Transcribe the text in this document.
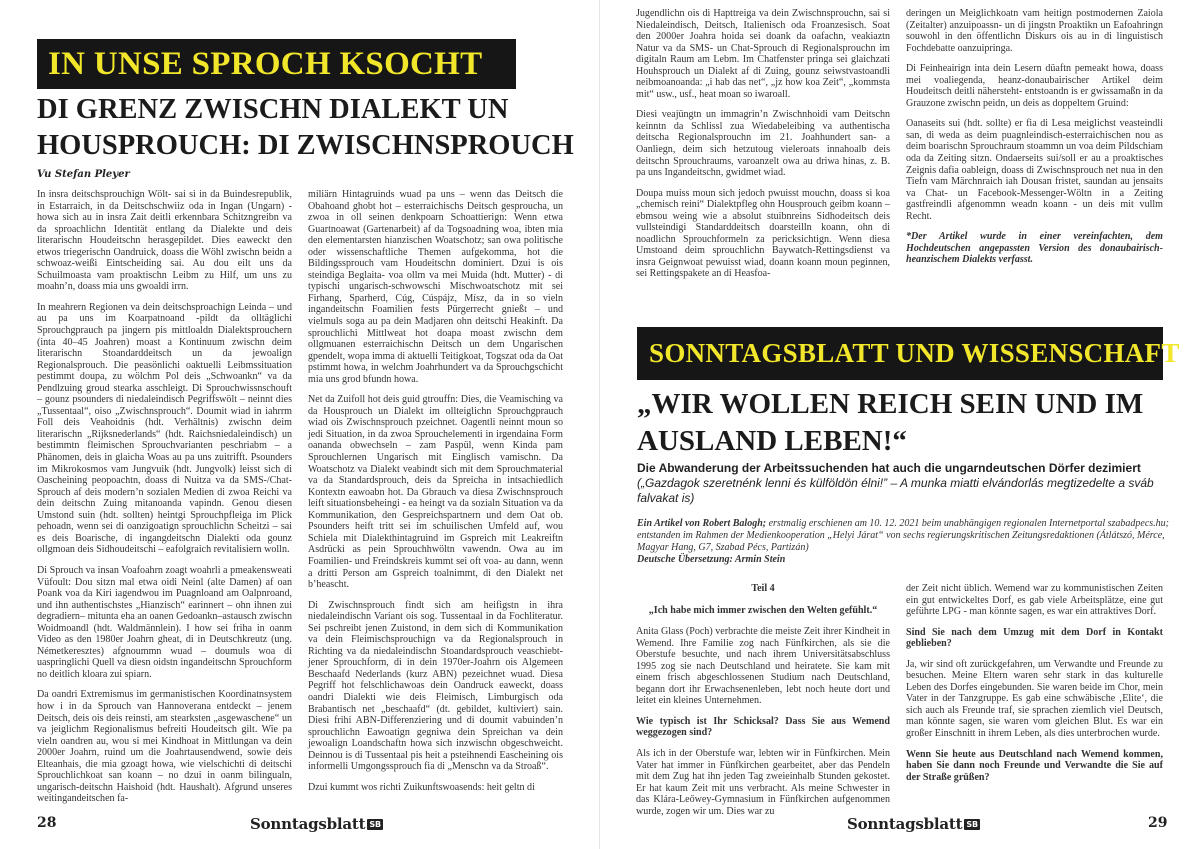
IN UNSE SPROCH KSOCHT
DI GRENZ ZWISCHN DIALEKT UN HOUSPROUCH: DI ZWISCHNSPROUCH
Vu Stefan Pleyer

In insra deitschsprouchign Wölt- sai si in da Buindesrepublik, in Estarraich, in da Deitschschwiiz oda in Ingan (Ungarn) - howa sich au in insra Zait deitli erkennbara Schitzngreibn va da sproachlichn Identität entlang da Dialekte und deis literarischn Houdeitschn herasgepildet. Dies eaweckt den etwos triegerischn Oandruick, doass die Wöhl zwischn beidn a schwoaz-weißi Eintscheiding sai. Au dou eilt uns da Schuilmoasta vam proaktischn Leibm zu Hilf, um uns zu moahn’n, doass mia uns gwoaldi irrn.

In meahrern Regionen va dein deitschsproachign Leinda – und au pa uns im Koarpatnoand -pildt da olltäglichi Sprouchgprauch pa jingern pis mittloaldn Dialektsprouchern (inta 40–45 Joahren) moast a Kontinuum zwischn deim literarischn Stoandarddeitsch un da jewoalign Regionalsprouch. Die peasönlichi oaktuelli Leibmssituation pestimmt doupa, zu wölchm Pol deis „Schwoankn“ va da Pendlzuing groud stearka asschleigt. Di Sprouchwissnschouft – gounz psounders di niedaleindisch Pegriffswölt – neinnt dies „Tussentaal“, oiso „Zwischnsprouch“. Doumit wiad in iahrrm Foll deis Veahoidnis (hdt. Verhältnis) zwischn deim literarischn „Rijksnederlands“ (hdt. Raichsniedaleindisch) un bestimmtn fleimischen Sprouchvarianten peschriabm – a Phänomen, deis in glaicha Woas au pa uns zuitrifft. Psounders im Mikrokosmos vam Jungvuik (hdt. Jungvolk) leisst sich di Oascheining peopoachtn, doass di Nuitza va da SMS-/Chat-Sprouch af deis modern’n sozialen Medien di zwoa Reichi va dein deitschn Zuing mitanoanda vapindn. Genou diesen Umstond suin (hdt. sollten) heintgi Sprouchpfleiga im Plick pehoadn, wenn sei di oanzigoatign sprouchlichn Scheitzi – sai es deis Boarische, di ingangdeitschn Dialekti oda gounz ollgmoan deis Sidhoudeitschi – eafolgraich revitalisiern wolln.

Di Sprouch va insan Voafoahrn zoagt woahrli a pmeakensweati Vüfoult: Dou sitzn mal etwa oidi Neinl (alte Damen) af oan Poank voa da Kiri iagendwou im Puagnloand am Oalpnroand, und ihn authentischstes „Hianzisch“ earinnert – ohn ihnen zui degradiern– mitunta eha an oanen Gedoankn–astausch zwischn Woidmoandl (hdt. Waldmännlein). I how sei friha in oanm Video as den 1980er Joahrn gheat, di in Deutschkreutz (ung. Németkeresztes) afgnoummn wuad – doumuls woa di uaspringlichi Quell va diesn oidstn ingandeitschn Sprouchform no deitlich kloara zui spiarn.

Da oandri Extremismus im germanistischen Koordinatnsystem how i in da Sprouch van Hannoverana entdeckt – jenem Deitsch, deis ois deis reinsti, am stearksten „asgewaschene“ un va jeiglichm Regionalismus befreiti Houdeitsch gilt. Wie pa vieln oandren au, wou si mei Kindhoat in Mittlungan va dein 2000er Joahrn, ruind um die Joahrtausendwend, sowie deis Elteanhais, die mia gzoagt howa, wie vielschichti di deitschi Sprouchlichkoat san koann – no dzui in oanm bilingualn, ungarisch-deitschn Haishoid (hdt. Haushalt). Afgrund unseres weitingandeitschen fa-

miliärn Hintagruinds wuad pa uns – wenn das Deitsch die Obahoand ghobt hot – esterraichischs Deitsch gesproucha, un zwoa in oll seinen denkpoarn Schoattierign: Wenn etwa Guartnoawat (Gartenarbeit) af da Togsoadning woa, ibten mia den elementarsten hianzischen Woatschotz; san owa politische oder wissenschaftliche Themen aufgekommа, hot die Bildingssprouch vam Houdeitschn dominiert. Dzui is ois steindiga Beglaita- voa ollm va mei Muida (hdt. Mutter) - di typischi ungarisch-schwowschi Mischwoatschotz mit sei Firhang, Sparherd, Cúg, Cúspájz, Mísz, da in so vieln ingandeitschn Foamilien fests Pürgerrecht gnießt – und vielmuls soga au pa dein Madjaren ohn deitschi Heakinft. Da sprouchlichi Mittlweat hot doapa moast zwischn dem ollgmuanen esterraichischn Deitsch un dem Ungarischen gpendelt, wopa imma di aktuelli Teitigkoat, Togszat oda da Oat pstimmt howa, in welchm Joahrhundert va da Sprouchgschicht mia uns grod bfundn howa.

Net da Zuifoll hot deis guid gtrouffn: Dies, die Veamisching va da Housprouch un Dialekt im ollteiglichn Sprouchgprauch wiad ois Zwischnsprouch pzeichnet. Oagentli neinnt moun so jedi Situation, in da zwoa Sprouchelementi in irgendaina Form oananda obwechseln – zam Paspül, wenn Kinda pam Sprouchlernen Ungarisch mit Einglisch vamischn. Da Woatschotz va Dialekt veabindt sich mit dem Sprouchmaterial va da Standardsprouch, deis da Spreicha in intsachiedlich Kontextn eawoabn hot. Da Gbrauch va diesa Zwischnsprouch leift situationsbeheingi - ea heingt va da sozialn Situation va da Kommunikation, den Gespreichspartnern und dem Oat ob. Psounders heift tritt sei im schuilischen Umfeld auf, wou Schiela mit Dialekthintagruind im Gspreich mit Leakreiftn Asdrücki as pein Sprouchhwöltn vawendn. Owa au im Foamilien- und Freindskreis kummt sei oft voa- au dann, wenn a dritti Person am Gspreich toalnimmt, di den Dialekt net b’heascht.

Di Zwischnsprouch findt sich am heifigstn in ihra niedaleindischn Variant ois sog. Tussentaal in da Fochliteratur. Sei pschreibt jenen Zuistond, in dem sich di Kommunikation va dein Fleimischsprouchign va da Regionalsprouch in Richting va da niedaleindischn Stoandardsprouch veaschiebt- jener Sprouchform, di in dein 1970er-Joahrn ois Algemeen Beschaafd Nederlands (kurz ABN) pezeichnet wuad. Diesa Pegriff hot felschlichawoas dein Oandruck eaweckt, doass oandri Dialekti wie deis Fleimisch, Limburgisch oda Brabantisch net „beschaafd“ (dt. gebildet, kultiviert) sain. Diesi frihi ABN-Differenziering und di doumit vabuinden’n sprouchlichn Eawoatign gegniwa dein Spreichan va dein jewoalign Loandschaftn howa sich inzwischn obgeschweicht. Deinnou is di Tussentaal pis heit a psteihnendi Eascheining ois informelli Umgongssprouch fia di „Menschn va da Stroaß“.

Dzui kummt wos richti Zuikunftswoasends: heit geltn di

28	Sonntagsblatt SB

Jugendlichn ois di Hapttreiga va dein Zwischnsprouchn, sai si Niedaleindisch, Deitsch, Italienisch oda Froanzesisch. Soat den 2000er Joahra hoida sei doank da oafachn, veakiaztn Natur va da SMS- un Chat-Sprouch di Regionalsprouchn im digitaln Raum am Lebm. Im Chatfenster pringa sei glaichzati Houhsprouch un Dialekt af di Zuing, gounz seiwstvastoandli neibmoanoanda: „i hab das net“, „jz how koa Zeit“, „kommsta mit“ usw., usf., heat moan so iwaroall.

Diesi veajüngtn un immagrin’n Zwischnhoidi vam Deitschn keinntn da Schlissl zua Wiedabeleibing va authentischa deitscha Regionalsprouchn im 21. Joahhundert san- a Oanliegn, deim sich hetzutoug vieleroats innahoalb deis deitschn Sprouchraums, varoanzelt owa au driwa hinas, z. B. pa uns Ingandeitschn, gwidmet wiad.

Doupa muiss moun sich jedoch pwuisst mouchn, doass si koa „chemisch reini“ Dialektpfleg ohn Housprouch geibm koann – ebmsou weing wie a absolut stuibnreins Sidhodeitsch deis vullsteindigi Standarddeitsch doarsteilln koann, ohn di noadlichn Sprouchformeln za pericksichtign. Wenn diesa Umstoand deim sprouchlichn Baywatch-Rettingsdienst va insra Geignwoat pewuisst wiad, doann koann moun peginnen, sei Rettingspakete an di Heasfoa-

deringen un Meiglichkoatn vam heitign postmodernen Zaiola (Zeitalter) anzuipoassn- un di jingstn Proaktikn un Eafoahringn souwohl in den öffentlichn Diskurs ois au in di linguistisch Fochdebatte oanzuipringa.

Di Feinheairign inta dein Lesern düaftn pemeakt howa, doass mei voaliegenda, heanz-donaubairischer Artikel deim Houdeitsch deitli nähersteht- entstoandn is er gwissamaßn in da Grauzone zwischn peidn, un deis as doppeltem Gruind:

Oanaseits sui (hdt. sollte) er fia di Lesa meiglichst veasteindli san, di weda as deim puagnleindisch-esterraichischen nou as deim boarischn Sprouchraum stoammn un voa deim Pildschiam oda da Zeiting sitzn. Ondaerseits sui/soll er au a proaktisches Zeignis dafia oableign, doass di Zwischnsprouch net nua in den Tiefn vam Märchnraich iah Dousan fristet, saundan au jensaits va Chat- un Facebook-Messenger-Wöltn in a Zeiting gastfreindli afgenommn weadn koann - un deis mit vullm Recht.

*Der Artikel wurde in einer vereinfachten, dem Hochdeutschen angepassten Version des donaubairisch-heanzischem Dialekts verfasst.

SONNTAGSBLATT UND WISSENSCHAFT
„WIR WOLLEN REICH SEIN UND IM AUSLAND LEBEN!“
Die Abwanderung der Arbeitssuchenden hat auch die ungarndeutschen Dörfer dezimiert
(„Gazdagok szeretnénk lenni és külföldön élni!” – A munka miatti elvándorlás megtizedelte a sváb falvakat is)
Ein Artikel von Robert Balogh; erstmalig erschienen am 10. 12. 2021 beim unabhängigen regionalen Internetportal szabadpecs.hu; entstanden im Rahmen der Medienkooperation „Helyi Járat“ von sechs regierungskritischen Zeitungsredaktionen (Átlátszó, Mérce, Magyar Hang, G7, Szabad Pécs, Partizán)
Deutsche Übersetzung: Armin Stein

Teil 4

„Ich habe mich immer zwischen den Welten gefühlt.“

Anita Glass (Poch) verbrachte die meiste Zeit ihrer Kindheit in Wemend. Ihre Familie zog nach Fünfkirchen, als sie die Oberstufe besuchte, und nach ihrem Universitätsabschluss 1995 zog sie nach Deutschland und heiratete. Sie kam mit einem frisch abgeschlossenen Studium nach Deutschland, begann dort ihr Erwachsenenleben, lebt noch heute dort und leitet ein kleines Unternehmen.

Wie typisch ist Ihr Schicksal? Dass Sie aus Wemend weggezogen sind?

Als ich in der Oberstufe war, lebten wir in Fünfkirchen. Mein Vater hat immer in Fünfkirchen gearbeitet, aber das Pendeln mit dem Zug hat ihn jeden Tag zweieinhalb Stunden gekostet. Er hat kaum Zeit mit uns verbracht. Als meine Schwester in das Klára-Leőwey-Gymnasium in Fünfkirchen aufgenommen wurde, zogen wir um. Dies war zu

der Zeit nicht üblich. Wemend war zu kommunistischen Zeiten ein gut entwickeltes Dorf, es gab viele Arbeitsplätze, eine gut geführte LPG - man könnte sagen, es war ein attraktives Dorf.

Sind Sie nach dem Umzug mit dem Dorf in Kontakt geblieben?

Ja, wir sind oft zurückgefahren, um Verwandte und Freunde zu besuchen. Meine Eltern waren sehr stark in das kulturelle Leben des Dorfes eingebunden. Sie waren beide im Chor, mein Vater in der Tanzgruppe. Es gab eine schwäbische ‚Elite‘, die sich auch als Freunde traf, sie sprachen ziemlich viel Deutsch, man könnte sagen, sie waren vom gleichen Blut. Es war ein großer Einschnitt in ihrem Leben, als dies unterbrochen wurde.

Wenn Sie heute aus Deutschland nach Wemend kommen, haben Sie dann noch Freunde und Verwandte die Sie auf der Straße grüßen?

Sonntagsblatt SB	29
